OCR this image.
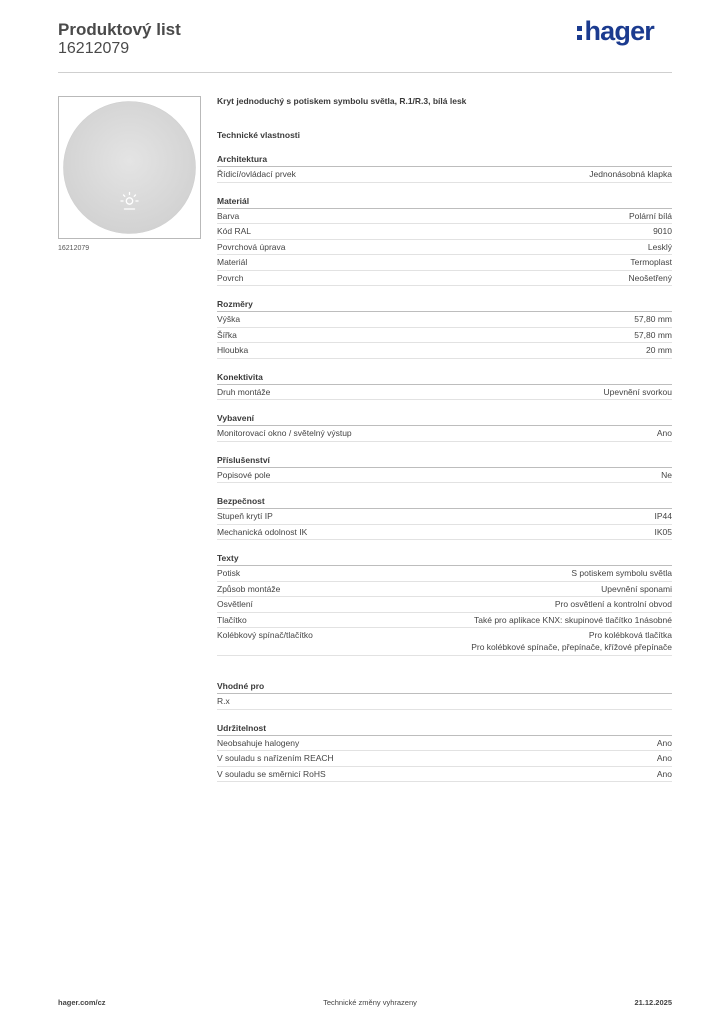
Produktový list
16212079
hager
16212079
Kryt jednoduchý s potiskem symbolu světla, R.1/R.3, bílá lesk
Technické vlastnosti
Architektura
Řídicí/ovládací prvek	Jednonásobná klapka
Materiál
Barva	Polární bílá
Kód RAL	9010
Povrchová úprava	Lesklý
Materiál	Termoplast
Povrch	Neošetřený
Rozměry
Výška	57,80 mm
Šířka	57,80 mm
Hloubka	20 mm
Konektivita
Druh montáže	Upevnění svorkou
Vybavení
Monitorovací okno / světelný výstup	Ano
Příslušenství
Popisové pole	Ne
Bezpečnost
Stupeň krytí IP	IP44
Mechanická odolnost IK	IK05
Texty
Potisk	S potiskem symbolu světla
Způsob montáže	Upevnění sponami
Osvětlení	Pro osvětlení a kontrolní obvod
Tlačítko	Také pro aplikace KNX: skupinové tlačítko 1násobné
Kolébkový spínač/tlačítko	Pro kolébková tlačítka
Pro kolébkové spínače, přepínače, křížové přepínače
Vhodné pro
R.x
Udržitelnost
Neobsahuje halogeny	Ano
V souladu s nařízením REACH	Ano
V souladu se směrnicí RoHS	Ano
hager.com/cz	Technické změny vyhrazeny	21.12.2025
